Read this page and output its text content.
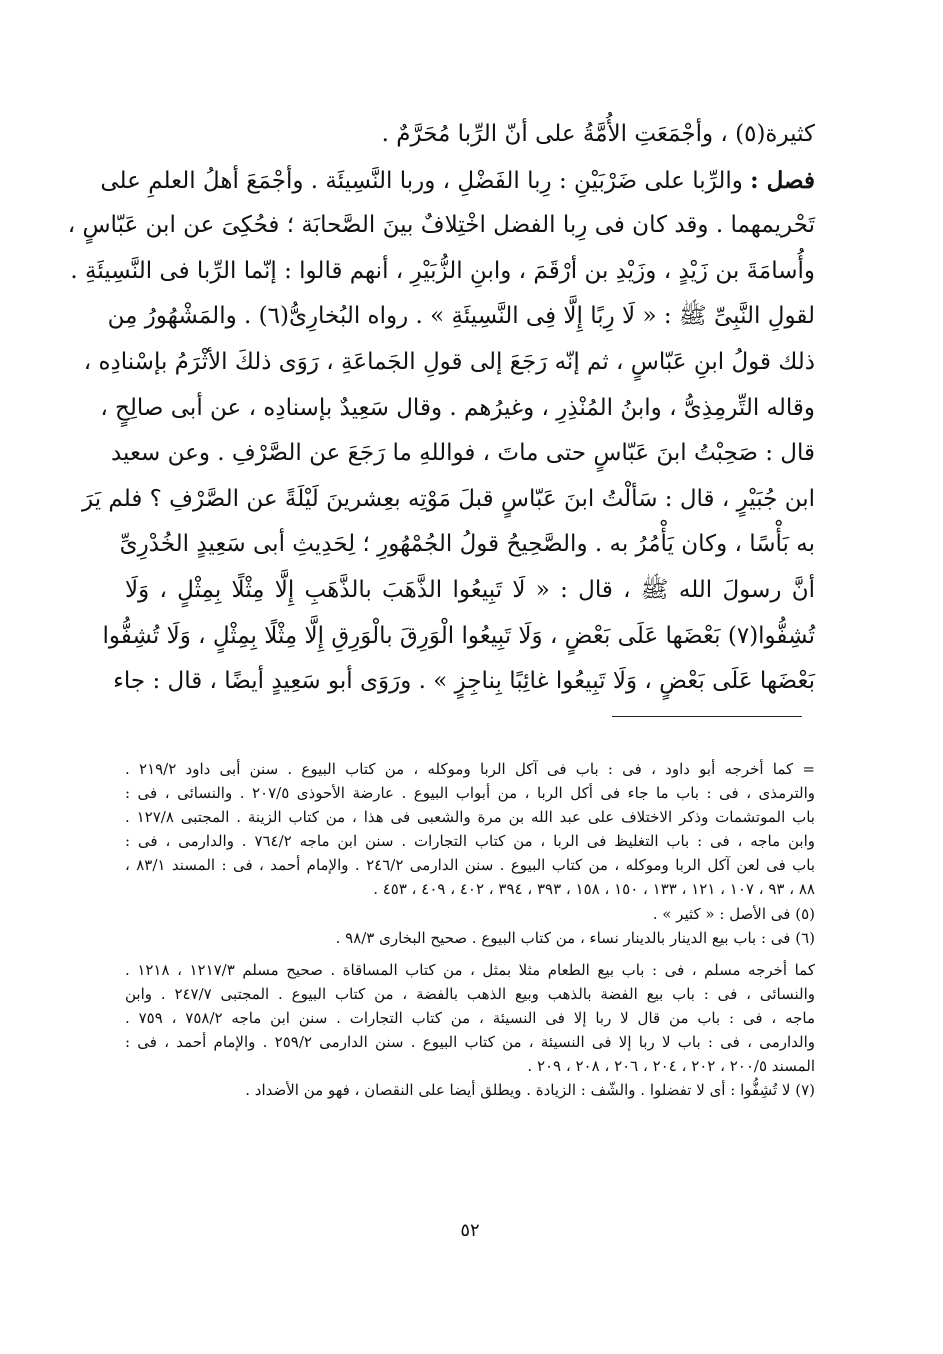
كثيرة(٥) ، وأجْمَعَتِ الأُمَّةُ على أنّ الرِّبا مُحَرَّمٌ .
فصل : والرِّبا على ضَرْبَيْنِ : رِبا الفَضْلِ ، وربا النَّسِيئَة . وأجْمَعَ أهلُ العلمِ على
تَحْريمهما . وقد كان فى رِبا الفضل اخْتِلافٌ بينَ الصَّحابَة ؛ فحُكِىَ عن ابن عَبّاسٍ ،
وأُسامَةَ بن زَيْدٍ ، وزَيْدِ بن أرْقَمَ ، وابنِ الزُّبَيْرِ ، أنهم قالوا : إنّما الرِّبا فى النَّسِيئَةِ .
لقولِ النَّبِىِّ ﷺ : « لَا رِبًا إِلَّا فِى النَّسِيئَةِ » . رواه البُخارِىُّ(٦) . والمَشْهُورُ مِن
ذلك قولُ ابنِ عَبّاسٍ ، ثم إنّه رَجَعَ إلى قولِ الجَماعَةِ ، رَوَى ذلكَ الأثْرَمُ بإسْنادِه ،
وقاله التِّرمِذِىُّ ، وابنُ المُنْذِرِ ، وغيرُهم . وقال سَعِيدٌ بإسنادِه ، عن أبى صالِحٍ ،
قال : صَحِبْتُ ابنَ عَبّاسٍ حتى ماتَ ، فواللهِ ما رَجَعَ عن الصَّرْفِ . وعن سعيد
ابن جُبَيْرٍ ، قال : سَألْتُ ابنَ عَبّاسٍ قبلَ مَوْتِه بعِشرينَ لَيْلَةً عن الصَّرْفِ ؟ فلم يَرَ
به بَأْسًا ، وكان يَأْمُرُ به . والصَّحِيحُ قولُ الجُمْهُورِ ؛ لِحَدِيثِ أبى سَعِيدٍ الخُدْرِىِّ
أنَّ رسولَ الله ﷺ ، قال : « لَا تَبِيعُوا الذَّهَبَ بالذَّهَبِ إِلَّا مِثْلًا بِمِثْلٍ ، وَلَا
تُشِفُّوا(٧) بَعْضَها عَلَى بَعْضٍ ، وَلَا تَبِيعُوا الْوَرِقَ بالْوَرِقِ إِلَّا مِثْلًا بِمِثْلٍ ، وَلَا تُشِفُّوا
بَعْضَها عَلَى بَعْضٍ ، وَلَا تَبِيعُوا غائِبًا بِناجِزٍ » . ورَوَى أبو سَعِيدٍ أيضًا ، قال : جاء
= كما أخرجه أبو داود ، فى : باب فى آكل الربا وموكله ، من كتاب البيوع . سنن أبى داود ٢١٩/٢ .
والترمذى ، فى : باب ما جاء فى أكل الربا ، من أبواب البيوع . عارضة الأحوذى ٢٠٧/٥ . والنسائى ، فى :
باب الموتشمات وذكر الاختلاف على عبد الله بن مرة والشعبى فى هذا ، من كتاب الزينة . المجتبى ١٢٧/٨ .
وابن ماجه ، فى : باب التغليظ فى الربا ، من كتاب التجارات . سنن ابن ماجه ٧٦٤/٢ . والدارمى ، فى :
باب فى لعن آكل الربا وموكله ، من كتاب البيوع . سنن الدارمى ٢٤٦/٢ . والإمام أحمد ، فى : المسند ٨٣/١ ،
٨٨ ، ٩٣ ، ١٠٧ ، ١٢١ ، ١٣٣ ، ١٥٠ ، ١٥٨ ، ٣٩٣ ، ٣٩٤ ، ٤٠٢ ، ٤٠٩ ، ٤٥٣ .
(٥) فى الأصل : « كثير » .
(٦) فى : باب بيع الدينار بالدينار نساء ، من كتاب البيوع . صحيح البخارى ٩٨/٣ .
كما أخرجه مسلم ، فى : باب بيع الطعام مثلا بمثل ، من كتاب المساقاة . صحيح مسلم ١٢١٧/٣ ، ١٢١٨ .
والنسائى ، فى : باب بيع الفضة بالذهب وبيع الذهب بالفضة ، من كتاب البيوع . المجتبى ٢٤٧/٧ . وابن
ماجه ، فى : باب من قال لا ربا إلا فى النسيئة ، من كتاب التجارات . سنن ابن ماجه ٧٥٨/٢ ، ٧٥٩ .
والدارمى ، فى : باب لا ربا إلا فى النسيئة ، من كتاب البيوع . سنن الدارمى ٢٥٩/٢ . والإمام أحمد ، فى :
المسند ٢٠٠/٥ ، ٢٠٢ ، ٢٠٤ ، ٢٠٦ ، ٢٠٨ ، ٢٠٩ .
(٧) لا تُشِفُّوا : أى لا تفضلوا . والشّف : الزيادة . ويطلق أيضا على النقصان ، فهو من الأضداد .
٥٢
